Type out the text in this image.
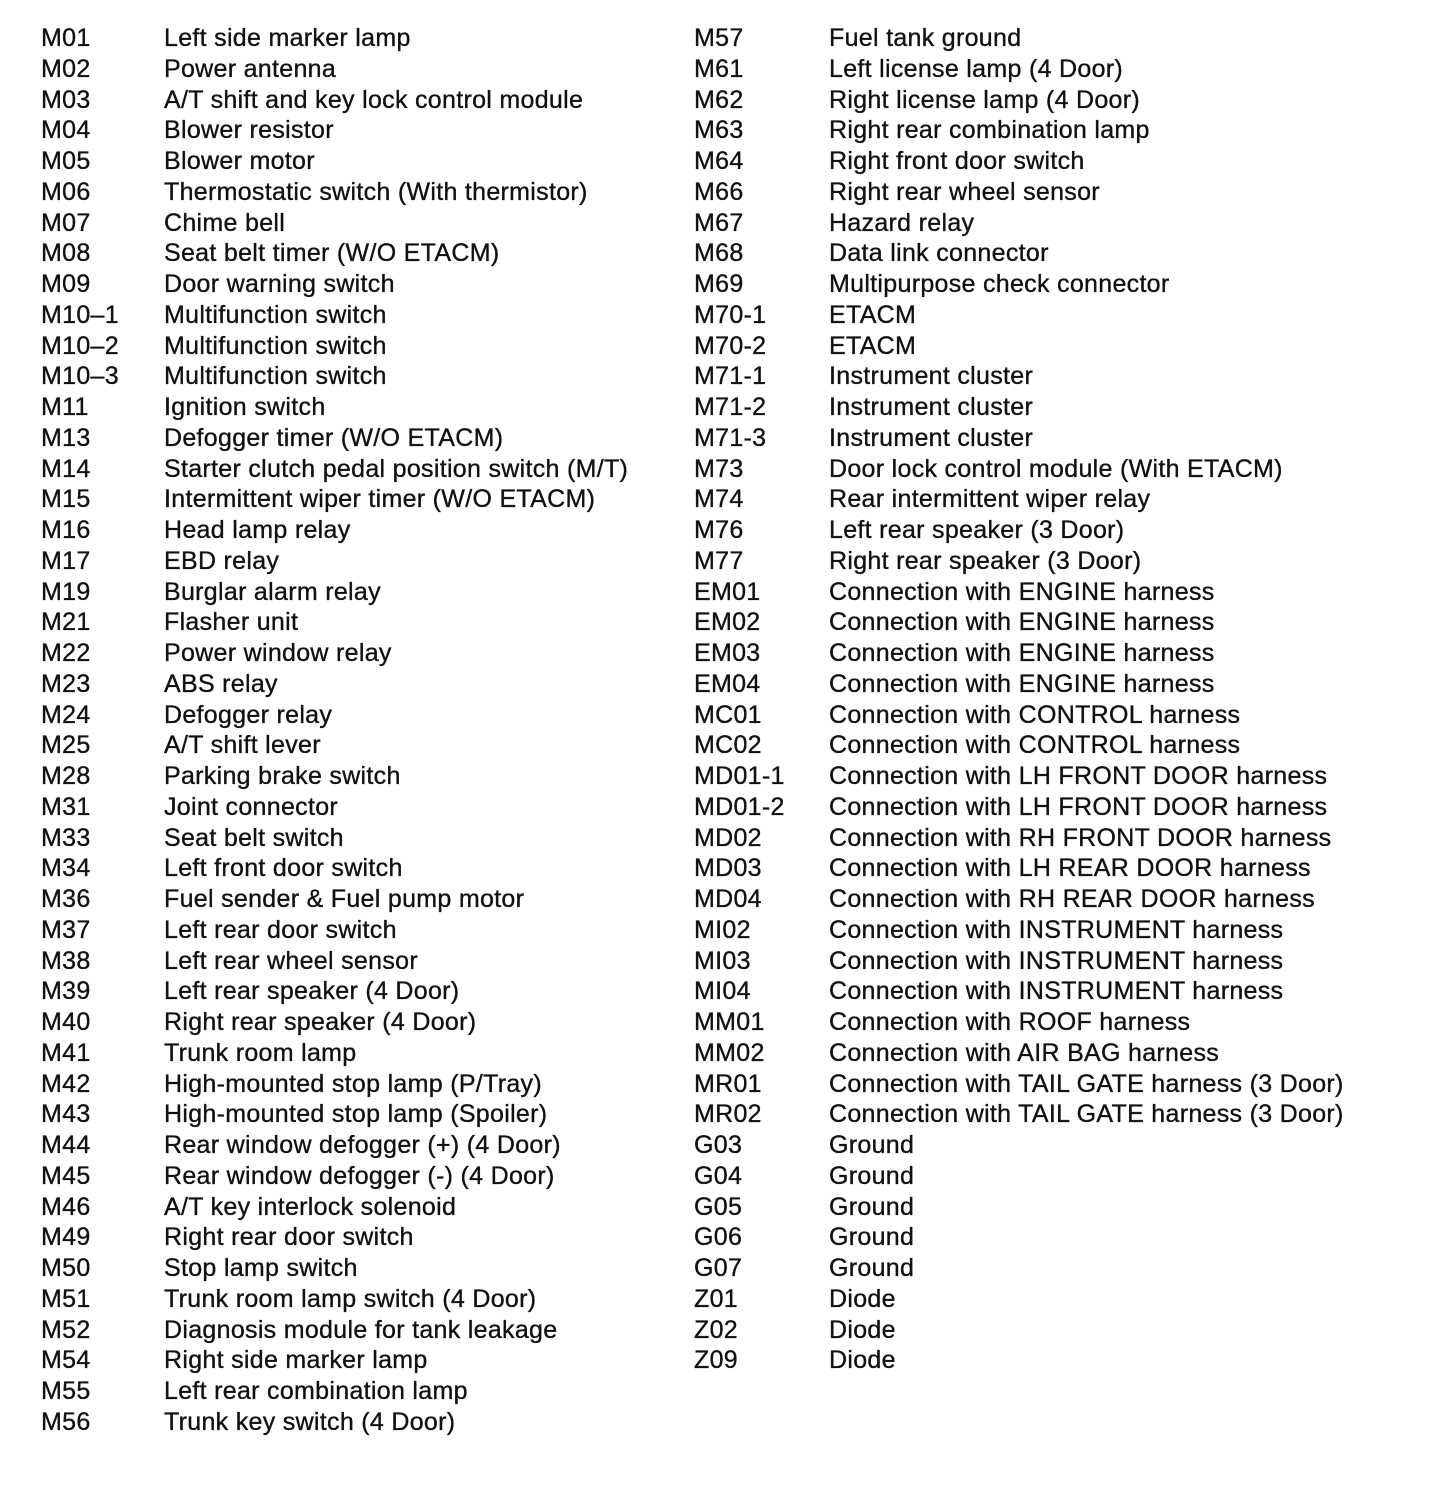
M01	Left side marker lamp
M02	Power antenna
M03	A/T shift and key lock control module
M04	Blower resistor
M05	Blower motor
M06	Thermostatic switch (With thermistor)
M07	Chime bell
M08	Seat belt timer (W/O ETACM)
M09	Door warning switch
M10–1	Multifunction switch
M10–2	Multifunction switch
M10–3	Multifunction switch
M11	Ignition switch
M13	Defogger timer (W/O ETACM)
M14	Starter clutch pedal position switch (M/T)
M15	Intermittent wiper timer (W/O ETACM)
M16	Head lamp relay
M17	EBD relay
M19	Burglar alarm relay
M21	Flasher unit
M22	Power window relay
M23	ABS relay
M24	Defogger relay
M25	A/T shift lever
M28	Parking brake switch
M31	Joint connector
M33	Seat belt switch
M34	Left front door switch
M36	Fuel sender & Fuel pump motor
M37	Left rear door switch
M38	Left rear wheel sensor
M39	Left rear speaker (4 Door)
M40	Right rear speaker (4 Door)
M41	Trunk room lamp
M42	High-mounted stop lamp (P/Tray)
M43	High-mounted stop lamp (Spoiler)
M44	Rear window defogger (+) (4 Door)
M45	Rear window defogger (-) (4 Door)
M46	A/T key interlock solenoid
M49	Right rear door switch
M50	Stop lamp switch
M51	Trunk room lamp switch (4 Door)
M52	Diagnosis module for tank leakage
M54	Right side marker lamp
M55	Left rear combination lamp
M56	Trunk key switch (4 Door)
M57	Fuel tank ground
M61	Left license lamp (4 Door)
M62	Right license lamp (4 Door)
M63	Right rear combination lamp
M64	Right front door switch
M66	Right rear wheel sensor
M67	Hazard relay
M68	Data link connector
M69	Multipurpose check connector
M70-1	ETACM
M70-2	ETACM
M71-1	Instrument cluster
M71-2	Instrument cluster
M71-3	Instrument cluster
M73	Door lock control module (With ETACM)
M74	Rear intermittent wiper relay
M76	Left rear speaker (3 Door)
M77	Right rear speaker (3 Door)
EM01	Connection with ENGINE harness
EM02	Connection with ENGINE harness
EM03	Connection with ENGINE harness
EM04	Connection with ENGINE harness
MC01	Connection with CONTROL harness
MC02	Connection with CONTROL harness
MD01-1	Connection with LH FRONT DOOR harness
MD01-2	Connection with LH FRONT DOOR harness
MD02	Connection with RH FRONT DOOR harness
MD03	Connection with LH REAR DOOR harness
MD04	Connection with RH REAR DOOR harness
MI02	Connection with INSTRUMENT harness
MI03	Connection with INSTRUMENT harness
MI04	Connection with INSTRUMENT harness
MM01	Connection with ROOF harness
MM02	Connection with AIR BAG harness
MR01	Connection with TAIL GATE harness (3 Door)
MR02	Connection with TAIL GATE harness (3 Door)
G03	Ground
G04	Ground
G05	Ground
G06	Ground
G07	Ground
Z01	Diode
Z02	Diode
Z09	Diode
